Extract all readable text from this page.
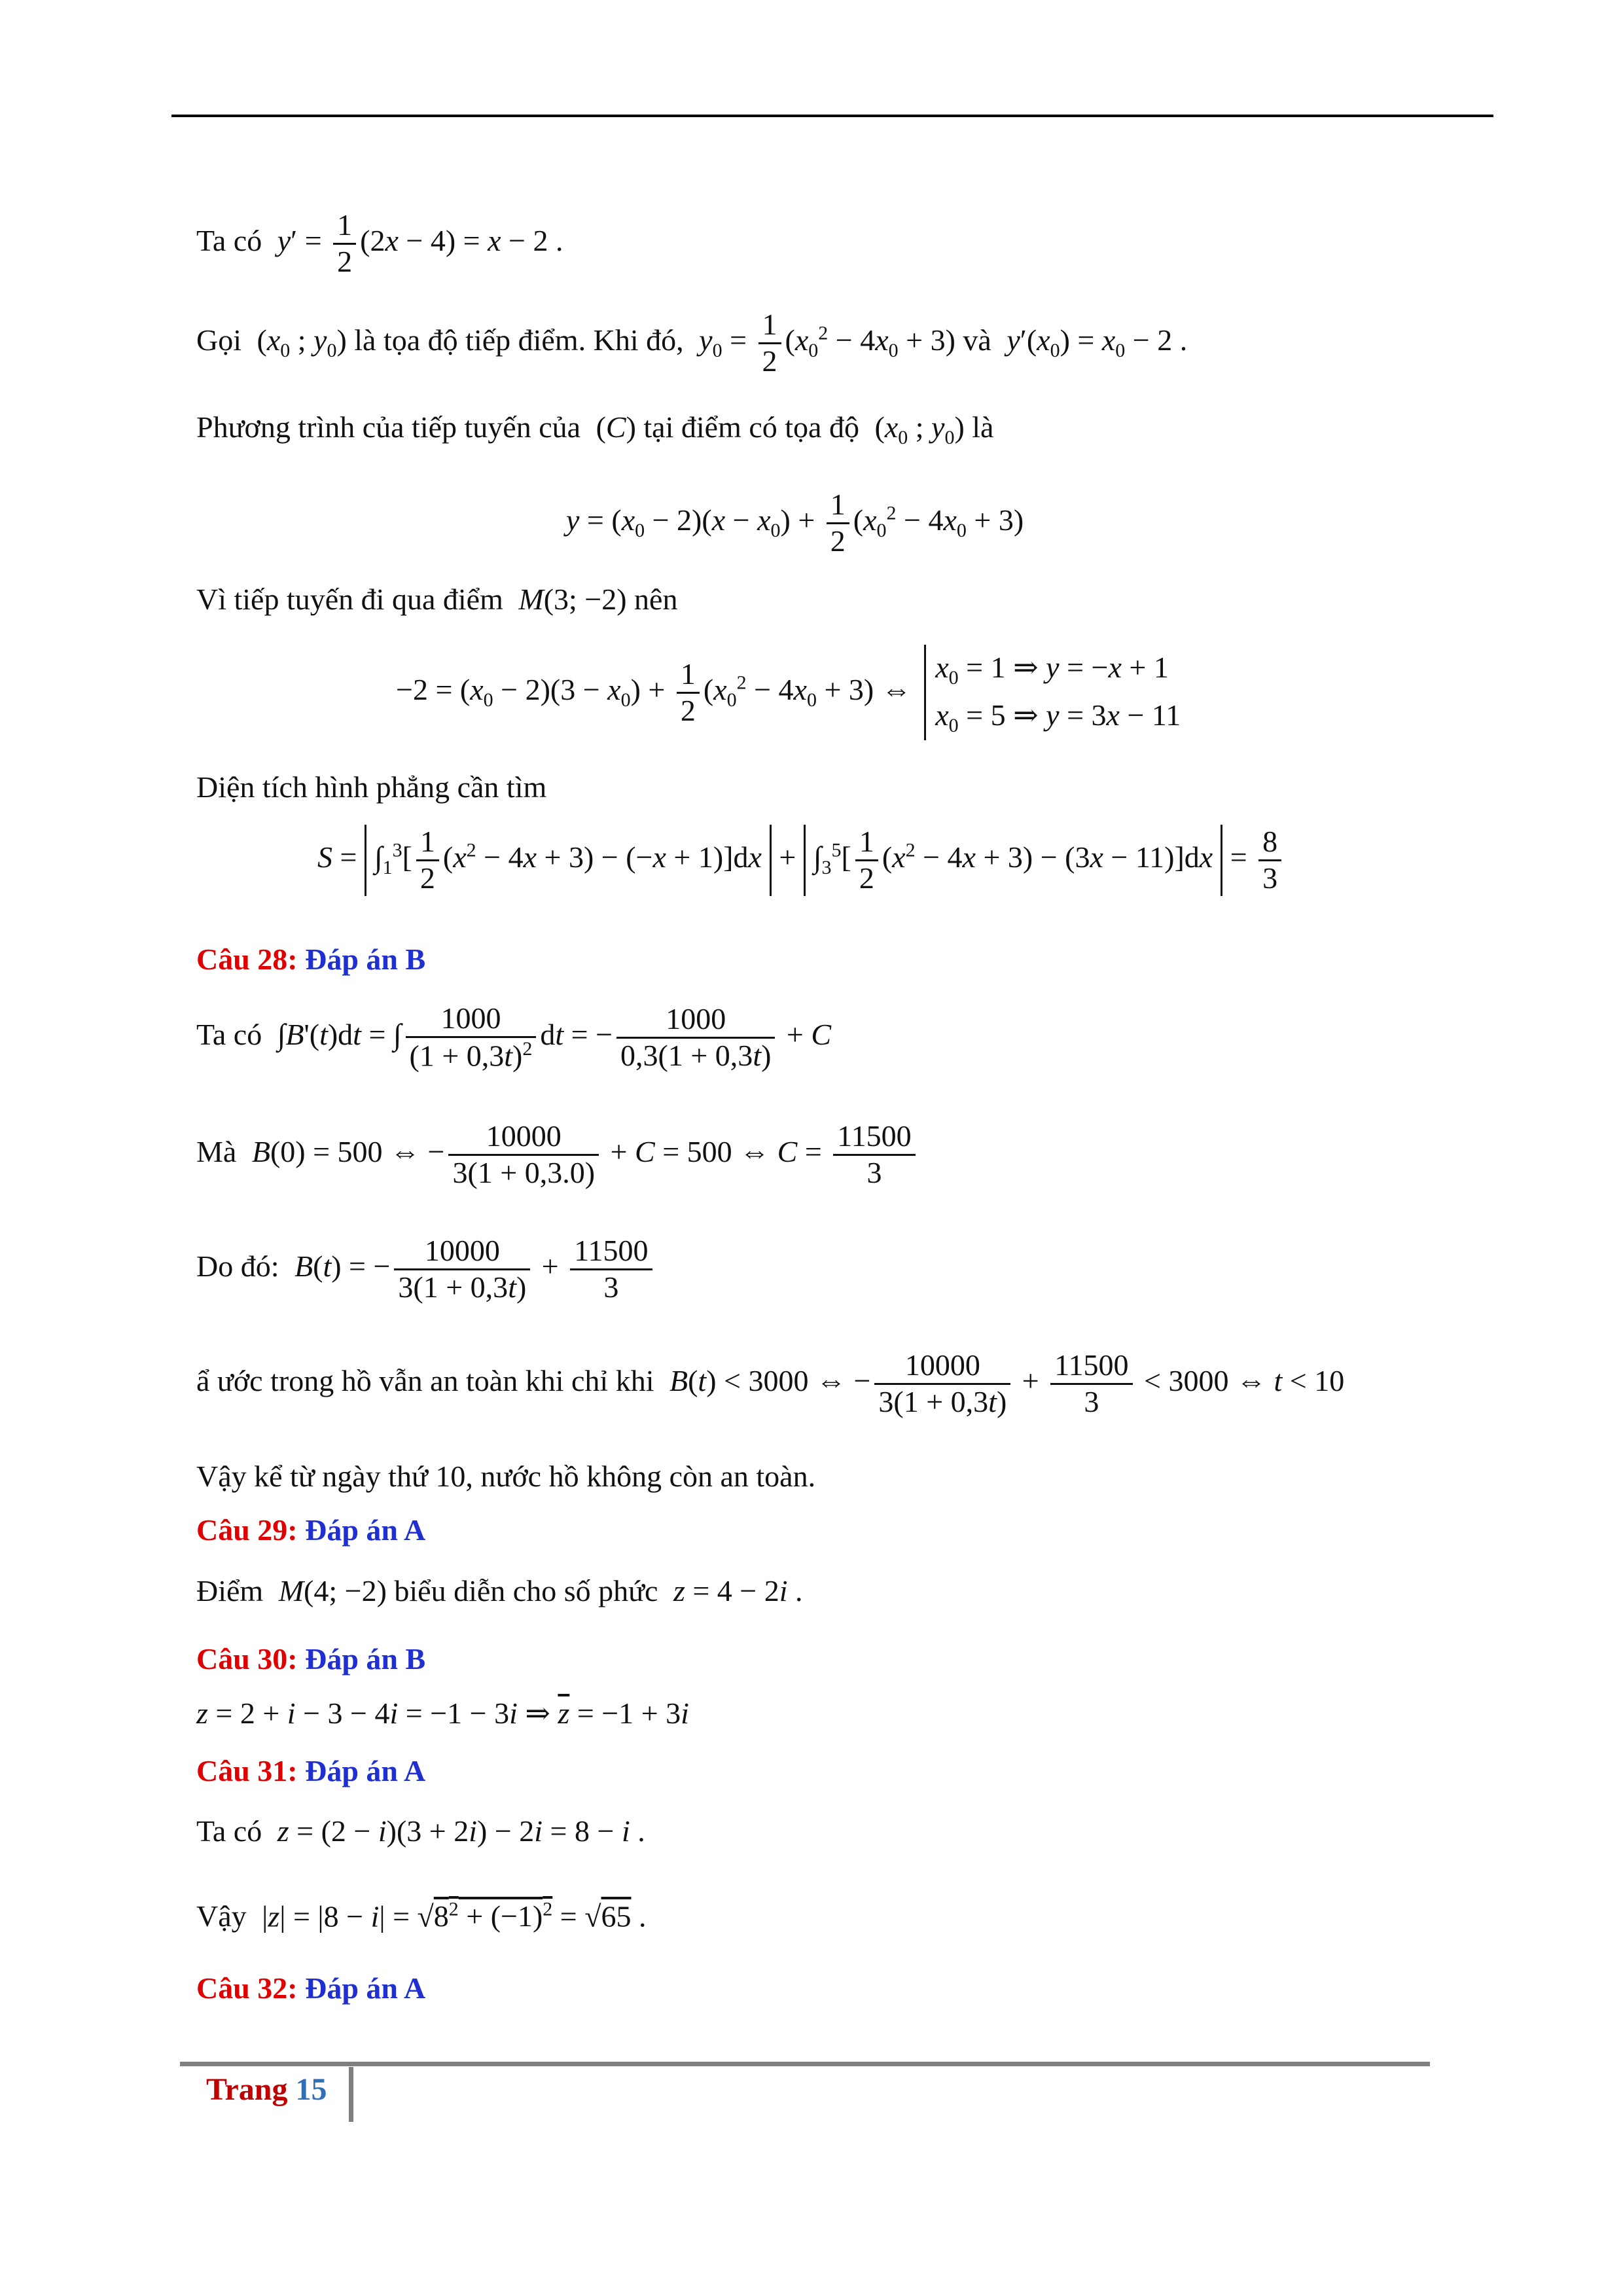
Ta có $y' = \frac{1}{2} (2x - 4) = x - 2$ .
Gọi ($x_0$ ; $y_0$) là tọa độ tiếp điểm. Khi đó, $y_0 = \frac{1}{2} (x_0^2 - 4x_0 + 3)$ và $y'(x_0) = x_0 - 2$ .
Phương trình của tiếp tuyến của (C) tại điểm có tọa độ ($x_0$ ; $y_0$) là
$y = (x_0 - 2)(x - x_0) + \frac{1}{2} (x_0^2 - 4x_0 + 3)$
Vì tiếp tuyến đi qua điểm M(3; −2) nên
$-2 = (x_0 - 2)(3 - x_0) + \frac{1}{2} (x_0^2 - 4x_0 + 3)$ ⇔
$x_0 = 1$ ⇒ y = −x + 1
$x_0 = 5$ ⇒ y = 3x − 11
Diện tích hình phẳng cần tìm
$S = \int_1^3[ \frac{1}{2} (x^2 - 4x + 3) - (-x + 1)]dx + \int_3^5[ \frac{1}{2} (x^2 - 4x + 3) - (3x - 11)]dx = \frac{8}{3}$
Câu 28: Đáp án B
Ta có ∫B'(t)dt = ∫ $\frac{1000}{(1 + 0,3t)^2}$ dt = − $\frac{1000}{0,3(1 + 0,3t)} + C$
Mà B(0) = 500 ⇔ − $\frac{10000}{3(1 + 0,3.0)} + C = 500$ ⇔ $C = \frac{11500}{3}$
Do đó: B(t) = − $\frac{10000}{3(1 + 0,3t)} + \frac{11500}{3}$
ẩ ước trong hồ vẫn an toàn khi chỉ khi B(t) < 3000 ⇔ − $\frac{10000}{3(1 + 0,3t)} + \frac{11500}{3} < 3000$ ⇔ t < 10
Vậy kể từ ngày thứ 10, nước hồ không còn an toàn.
Câu 29: Đáp án A
Điểm M(4; −2) biểu diễn cho số phức z = 4 − 2i .
Câu 30: Đáp án B
z = 2 + i − 3 − 4i = −1 − 3i ⇒ $\overline{z} = -1 + 3i$
Câu 31: Đáp án A
Ta có z = (2 − i)(3 + 2i) − 2i = 8 − i .
Vậy $|z| = |8 - i| = √8^2 + (-1)^2 = √65$ .
Câu 32: Đáp án A
Trang 15
